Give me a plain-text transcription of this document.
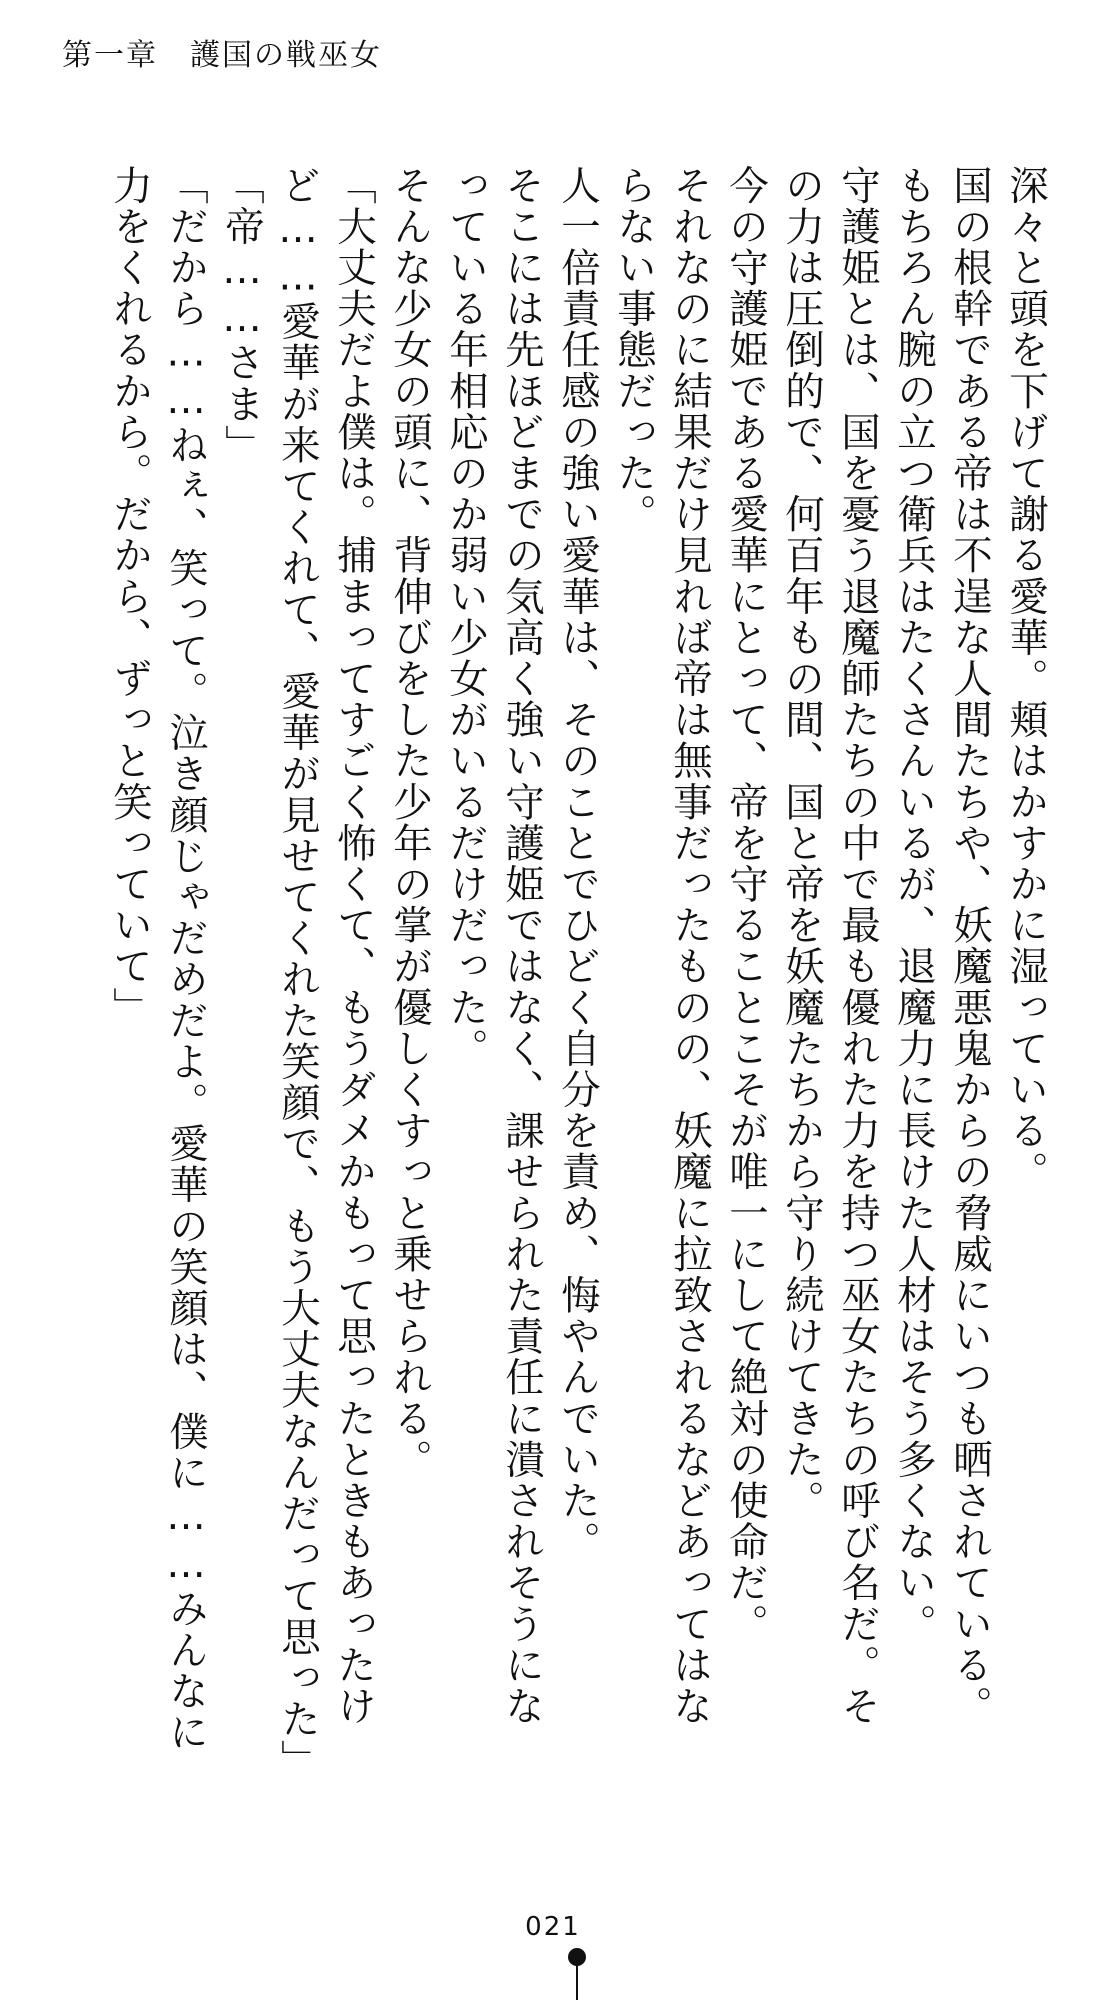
第一章　護国の戦巫女

深々と頭を下げて謝る愛華。頬はかすかに湿っている。

国の根幹である帝は不逞な人間たちや、妖魔悪鬼からの脅威にいつも晒されている。もちろん腕の立つ衛兵はたくさんいるが、退魔力に長けた人材はそう多くない。

守護姫とは、国を憂う退魔師たちの中で最も優れた力を持つ巫女たちの呼び名だ。その力は圧倒的で、何百年もの間、国と帝を妖魔たちから守り続けてきた。

今の守護姫である愛華にとって、帝を守ることこそが唯一にして絶対の使命だ。

それなのに結果だけ見れば帝は無事だったものの、妖魔に拉致されるなどあってはならない事態だった。

人一倍責任感の強い愛華は、そのことでひどく自分を責め、悔やんでいた。

そこには先ほどまでの気高く強い守護姫ではなく、課せられた責任に潰されそうになっている年相応のか弱い少女がいるだけだった。

そんな少女の頭に、背伸びをした少年の掌が優しくすっと乗せられる。

「大丈夫だよ僕は。捕まってすごく怖くて、もうダメかもって思ったときもあったけど……愛華が来てくれて、愛華が見せてくれた笑顔で、もう大丈夫なんだって思った」

「帝……さま」

「だから……ねぇ、笑って。泣き顔じゃだめだよ。愛華の笑顔は、僕に……みんなに力をくれるから。だから、ずっと笑っていて」

021
